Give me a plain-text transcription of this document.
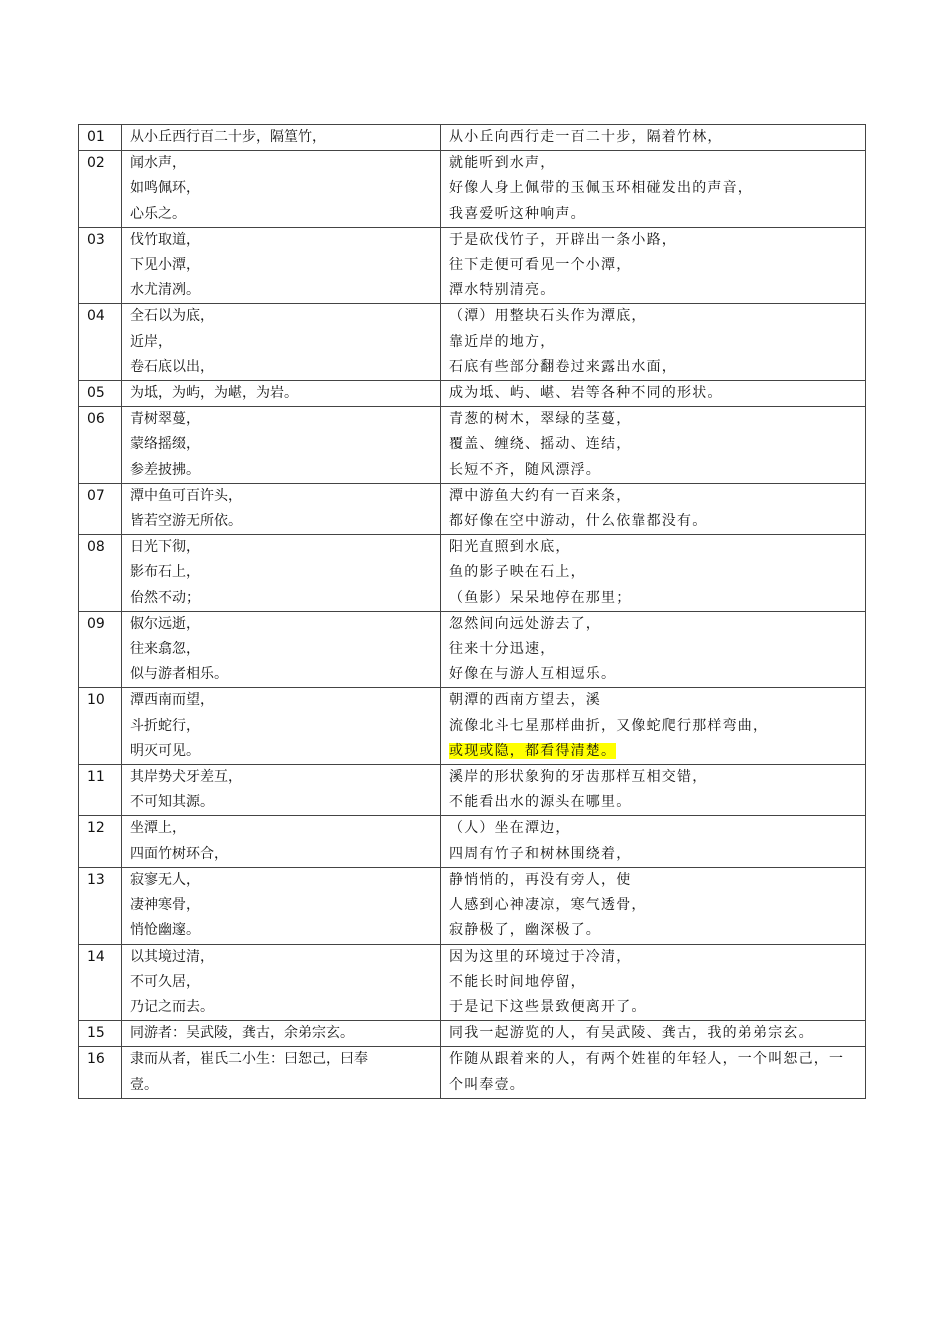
01	从小丘西行百二十步，隔篁竹，	从小丘向西行走一百二十步，隔着竹林，

02	闻水声，
如鸣佩环，
心乐之。	就能听到水声，
好像人身上佩带的玉佩玉环相碰发出的声音，
我喜爱听这种响声。

03	伐竹取道，
下见小潭，
水尤清冽。	于是砍伐竹子，开辟出一条小路，
往下走便可看见一个小潭，
潭水特别清亮。

04	全石以为底，
近岸，
卷石底以出，	（潭）用整块石头作为潭底，
靠近岸的地方，
石底有些部分翻卷过来露出水面，

05	为坻，为屿，为嵁，为岩。	成为坻、屿、嵁、岩等各种不同的形状。

06	青树翠蔓，
蒙络摇缀，
参差披拂。	青葱的树木，翠绿的茎蔓，
覆盖、缠绕、摇动、连结，
长短不齐，随风漂浮。

07	潭中鱼可百许头，
皆若空游无所依。	潭中游鱼大约有一百来条，
都好像在空中游动，什么依靠都没有。

08	日光下彻，
影布石上，
佁然不动；	阳光直照到水底，
鱼的影子映在石上，
（鱼影）呆呆地停在那里；

09	俶尔远逝，
往来翕忽，
似与游者相乐。	忽然间向远处游去了，
往来十分迅速，
好像在与游人互相逗乐。

10	潭西南而望，
斗折蛇行，
明灭可见。	朝潭的西南方望去，溪
流像北斗七星那样曲折，又像蛇爬行那样弯曲，
或现或隐，都看得清楚。

11	其岸势犬牙差互，
不可知其源。	溪岸的形状象狗的牙齿那样互相交错，
不能看出水的源头在哪里。

12	坐潭上，
四面竹树环合，	（人）坐在潭边，
四周有竹子和树林围绕着，

13	寂寥无人，
凄神寒骨，
悄怆幽邃。	静悄悄的，再没有旁人，使
人感到心神凄凉，寒气透骨，
寂静极了，幽深极了。

14	以其境过清，
不可久居，
乃记之而去。	因为这里的环境过于冷清，
不能长时间地停留，
于是记下这些景致便离开了。

15	同游者：吴武陵，龚古，余弟宗玄。	同我一起游览的人，有吴武陵、龚古，我的弟弟宗玄。

16	隶而从者，崔氏二小生：曰恕己，曰奉
壹。	作随从跟着来的人，有两个姓崔的年轻人，一个叫恕己，一
个叫奉壹。
